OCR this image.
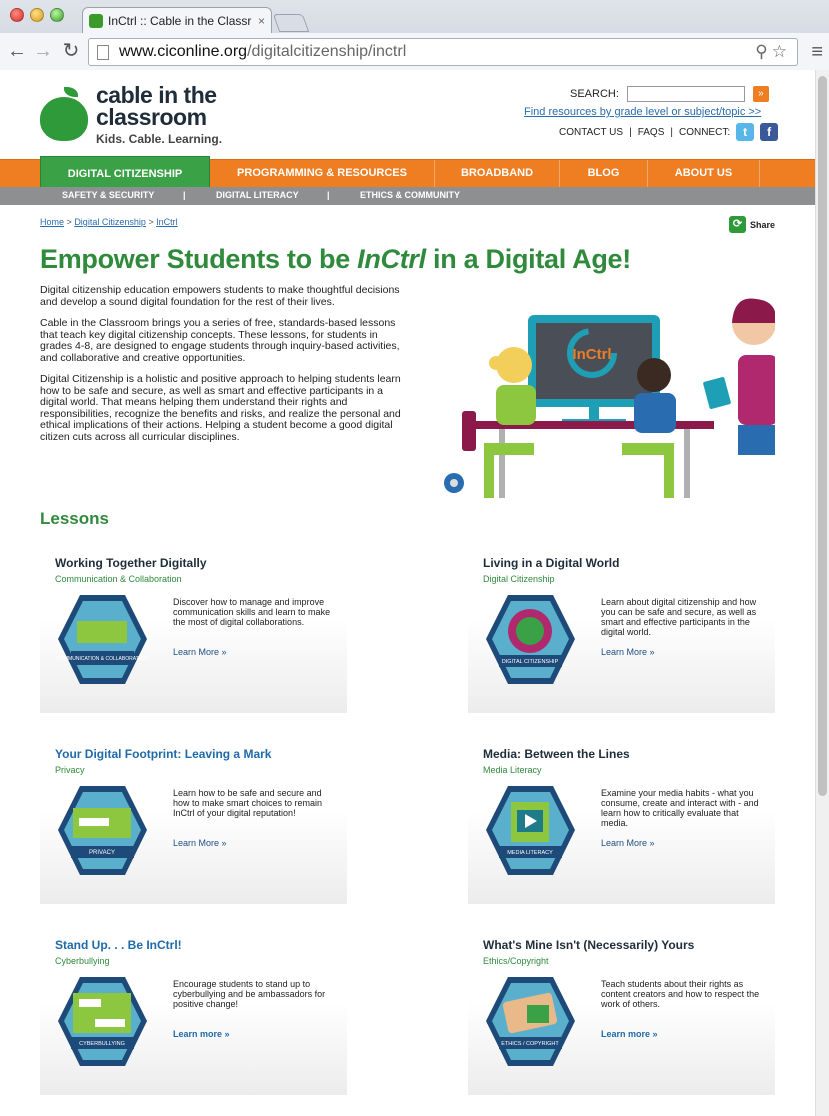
InCtrl :: Cable in the Classr ×
← → ↻ www.ciconline.org /digitalcitizenship/inctrl	⚲☆ ≡
cable in the
classroom
Kids. Cable. Learning.
SEARCH:	»
Find resources by grade level or subject/topic >>
CONTACT US | FAQS | CONNECT:	t	f
DIGITAL CITIZENSHIP	PROGRAMMING & RESOURCES	BROADBAND	BLOG	ABOUT US
SAFETY & SECURITY	|	DIGITAL LITERACY	|	ETHICS & COMMUNITY
Home > Digital Citizenship > InCtrl	⟳ Share
Empower Students to be InCtrl in a Digital Age!

Digital citizenship education empowers students to make thoughtful decisions and develop a sound digital foundation for the rest of their lives.

Cable in the Classroom brings you a series of free, standards-based lessons that teach key digital citizenship concepts. These lessons, for students in grades 4-8, are designed to engage students through inquiry-based activities, and collaborative and creative opportunities.

Digital Citizenship is a holistic and positive approach to helping students learn how to be safe and secure, as well as smart and effective participants in a digital world. That means helping them understand their rights and responsibilities, recognize the benefits and risks, and realize the personal and ethical implications of their actions. Helping a student become a good digital citizen cuts across all curricular disciplines.

InCtrl
Lessons
Working Together Digitally
Communication & Collaboration
COMMUNICATION & COLLABORATION
Discover how to manage and improve communication skills and learn to make the most of digital collaborations.
Learn More »
Living in a Digital World
Digital Citizenship
DIGITAL CITIZENSHIP
Learn about digital citizenship and how you can be safe and secure, as well as smart and effective participants in the digital world.
Learn More »
Your Digital Footprint: Leaving a Mark
Privacy
PRIVACY
Learn how to be safe and secure and how to make smart choices to remain InCtrl of your digital reputation!
Learn More »
Media: Between the Lines
Media Literacy
MEDIA LITERACY
Examine your media habits - what you consume, create and interact with - and learn how to critically evaluate that media.
Learn More »
Stand Up. . . Be InCtrl!
Cyberbullying
CYBERBULLYING
Encourage students to stand up to cyberbullying and be ambassadors for positive change!
Learn more »
What's Mine Isn't (Necessarily) Yours
Ethics/Copyright
ETHICS / COPYRIGHT
Teach students about their rights as content creators and how to respect the work of others.
Learn more »
